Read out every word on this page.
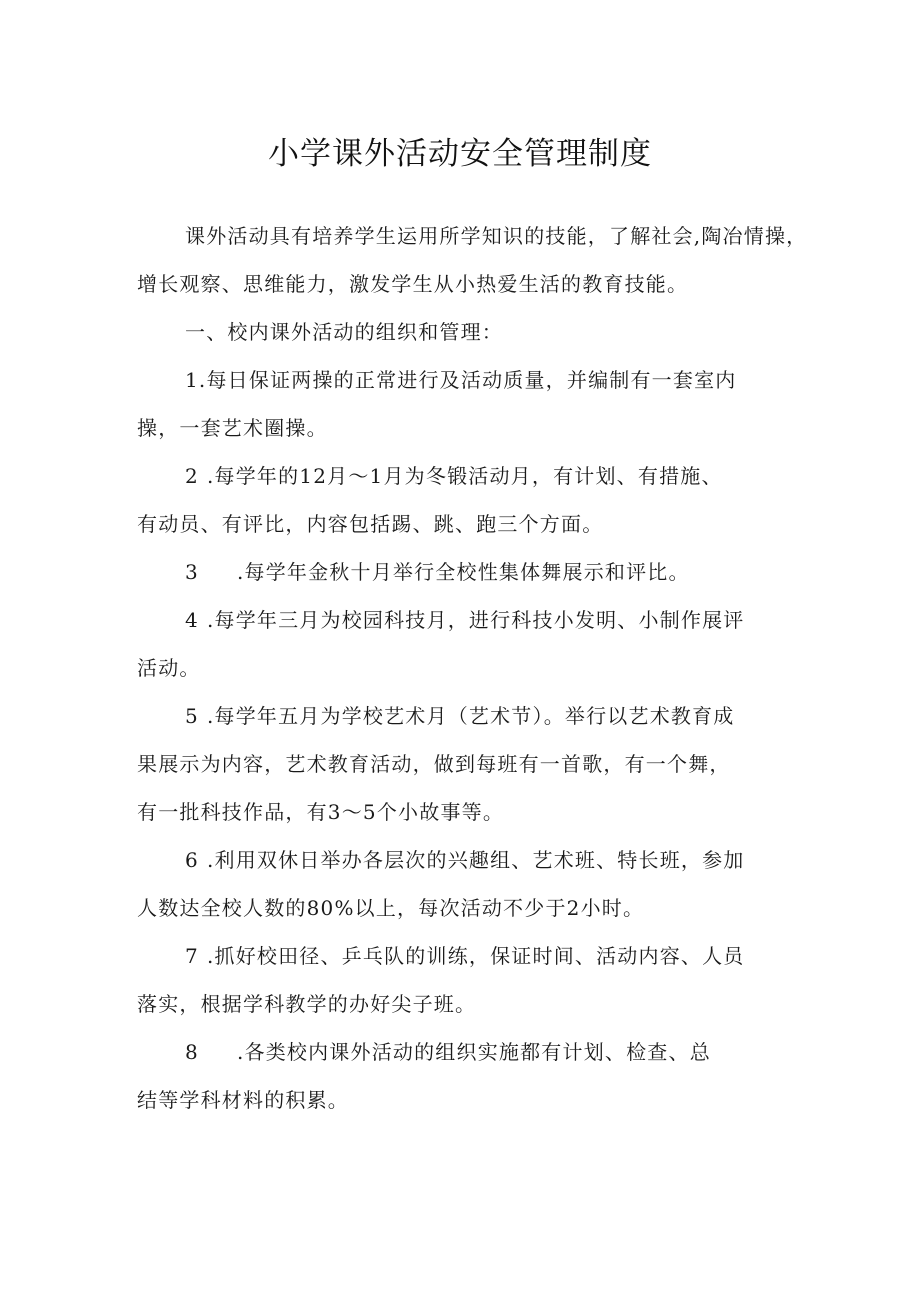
小学课外活动安全管理制度

课外活动具有培养学生运用所学知识的技能，了解社会,陶冶情操，增长观察、思维能力，激发学生从小热爱生活的教育技能。

一、校内课外活动的组织和管理：

1.每日保证两操的正常进行及活动质量，并编制有一套室内
操，一套艺术圈操。

2 .每学年的12月～1月为冬锻活动月，有计划、有措施、
有动员、有评比，内容包括踢、跳、跑三个方面。

3 .每学年金秋十月举行全校性集体舞展示和评比。

4 .每学年三月为校园科技月，进行科技小发明、小制作展评
活动。

5 .每学年五月为学校艺术月（艺术节）。举行以艺术教育成
果展示为内容，艺术教育活动，做到每班有一首歌，有一个舞，
有一批科技作品，有3～5个小故事等。

6 .利用双休日举办各层次的兴趣组、艺术班、特长班，参加
人数达全校人数的80%以上，每次活动不少于2小时。

7 .抓好校田径、乒乓队的训练，保证时间、活动内容、人员
落实，根据学科教学的办好尖子班。

8 .各类校内课外活动的组织实施都有计划、检查、总
结等学科材料的积累。
